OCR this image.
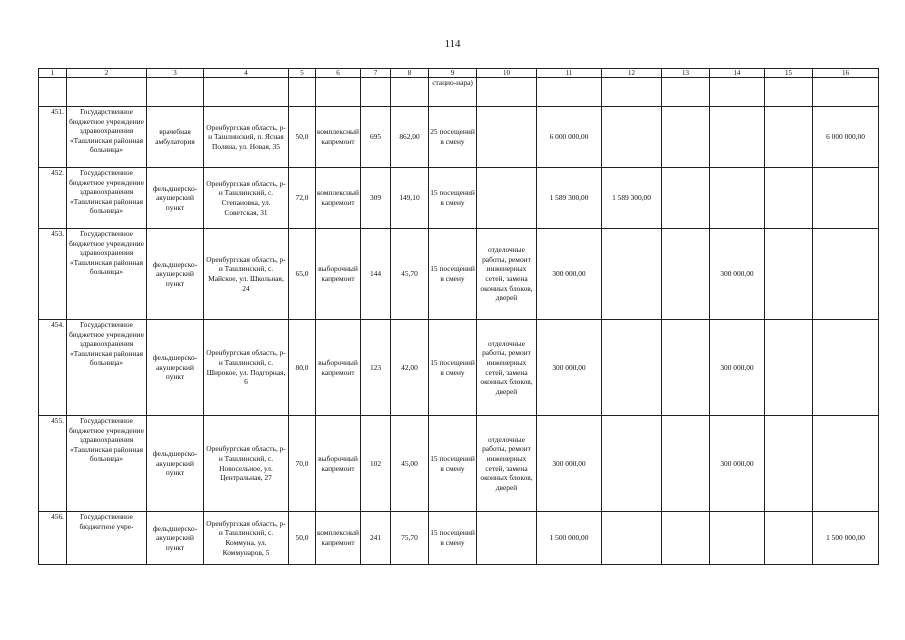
114
1	2	3	4	5	6	7	8	9	10	11	12	13	14	15	16
								стацио-нара)							
451.	Государственное бюджетное учреждение здравоохранения «Ташлинская районная больница»	врачебная амбулатория	Оренбургская область, р-н Ташлинский, п. Ясная Поляна, ул. Новая, 35	50,0	комплексный капремонт	695	862,00	25 посещений в смену		6 000 000,00					6 000 000,00
452.	Государственное бюджетное учреждение здравоохранения «Ташлинская районная больница»	фельдшерско-акушерский пункт	Оренбургская область, р-н Ташлинский, с. Степановка, ул. Советская, 31	72,0	комплексный капремонт	309	149,10	15 посещений в смену		1 589 300,00	1 589 300,00				
453.	Государственное бюджетное учреждение здравоохранения «Ташлинская районная больница»	фельдшерско-акушерский пункт	Оренбургская область, р-н Ташлинский, с. Майское, ул. Школьная, 24	65,0	выборочный капремонт	144	45,70	15 посещений в смену	отделочные работы, ремонт инженерных сетей, замена оконных блоков, дверей	300 000,00			300 000,00		
454.	Государственное бюджетное учреждение здравоохранения «Ташлинская районная больница»	фельдшерско-акушерский пункт	Оренбургская область, р-н Ташлинский, с. Широкое, ул. Подгорная, 6	80,0	выборочный капремонт	123	42,00	15 посещений в смену	отделочные работы, ремонт инженерных сетей, замена оконных блоков, дверей	300 000,00			300 000,00		
455.	Государственное бюджетное учреждение здравоохранения «Ташлинская районная больница»	фельдшерско-акушерский пункт	Оренбургская область, р-н Ташлинский, с. Новосельное, ул. Центральная, 27	70,0	выборочный капремонт	102	45,00	15 посещений в смену	отделочные работы, ремонт инженерных сетей, замена оконных блоков, дверей	300 000,00			300 000,00		
456.	Государственное бюджетное учре-	фельдшерско-акушерский пункт	Оренбургская область, р-н Ташлинский, с. Коммуна, ул. Коммунаров, 5	50,0	комплексный капремонт	241	75,70	15 посещений в смену		1 500 000,00					1 500 000,00
